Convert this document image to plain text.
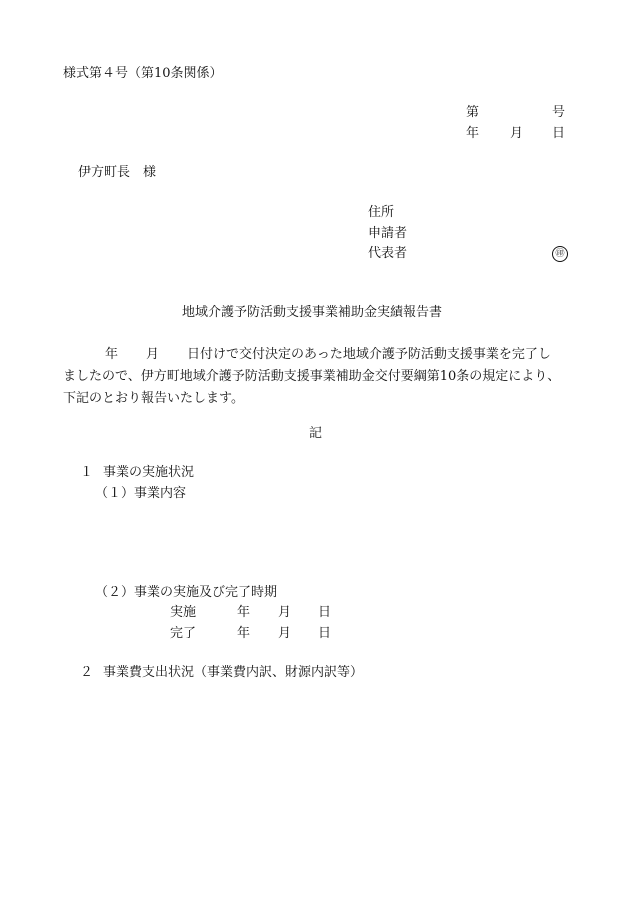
様式第４号（第10条関係）
第	号
年 月 日
伊方町長　様
住所
申請者
代表者	㊞
地域介護予防活動支援事業補助金実績報告書
年 月 日付けで交付決定のあった地域介護予防活動支援事業を完了し
ましたので、伊方町地域介護予防活動支援事業補助金交付要綱第10条の規定により、
下記のとおり報告いたします。
記
１ 事業の実施状況
（１）事業内容
（２）事業の実施及び完了時期
実施	年 月 日
完了	年 月 日
２ 事業費支出状況（事業費内訳、財源内訳等）
